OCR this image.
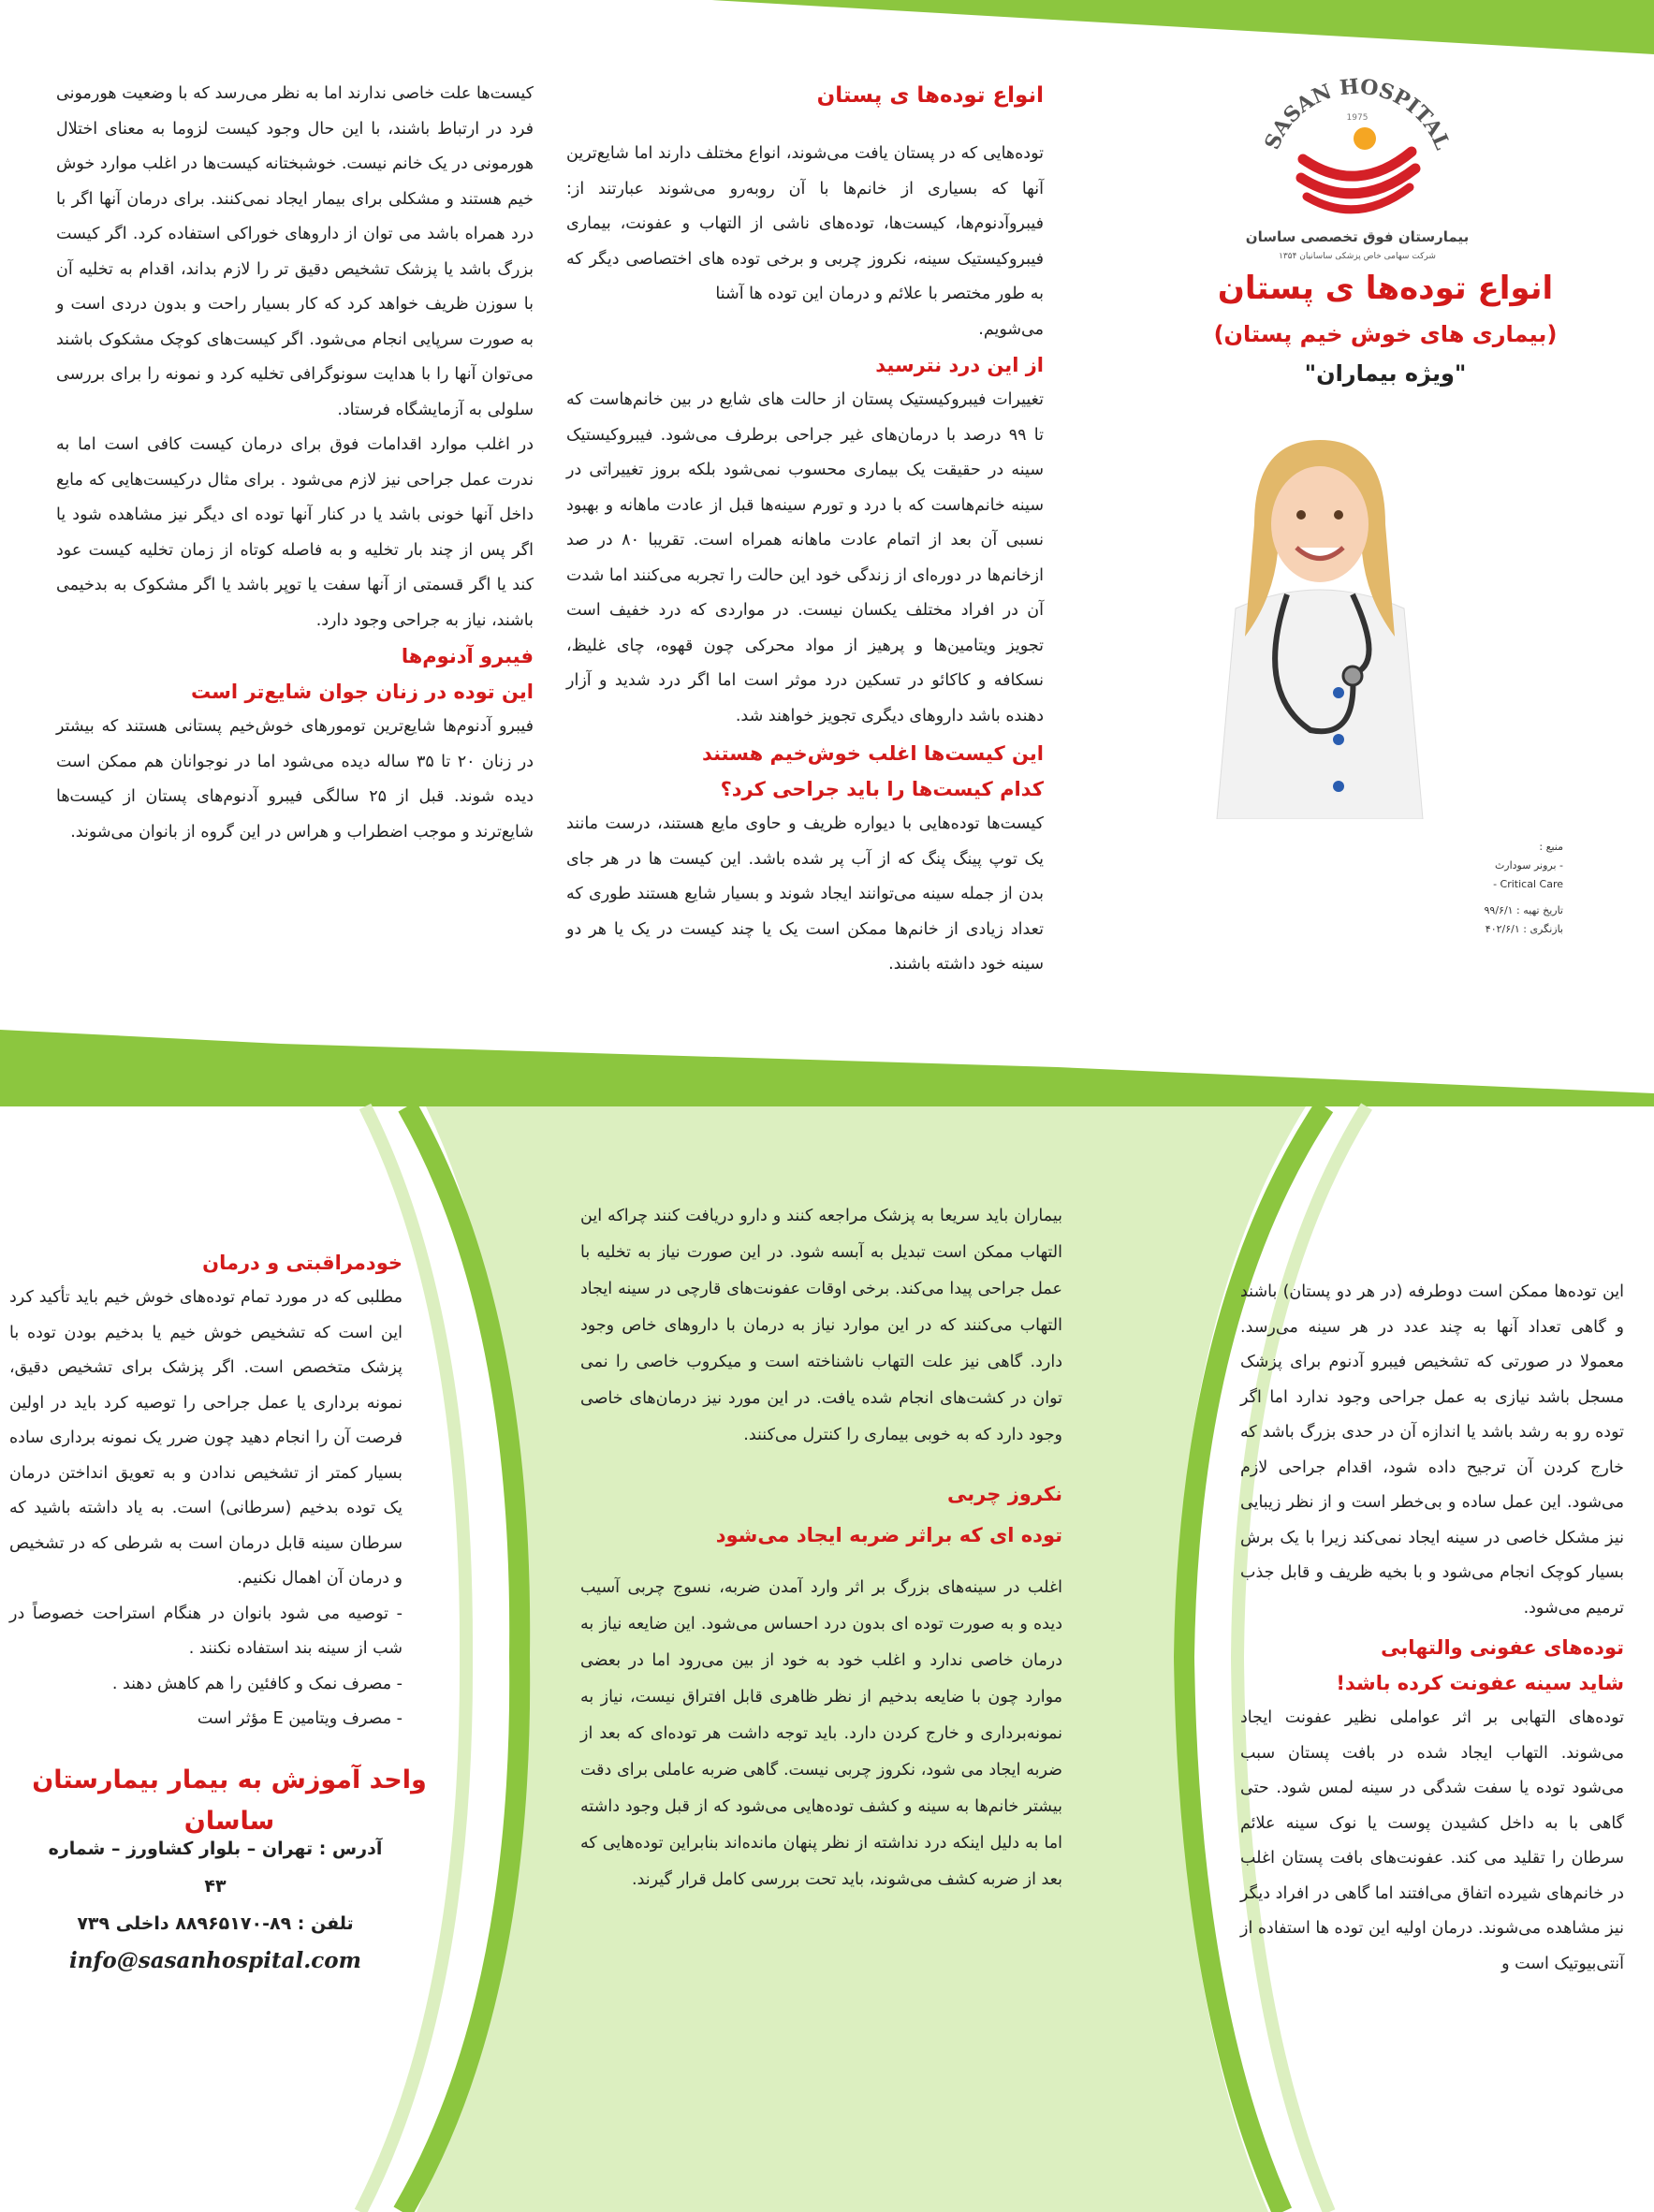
SASAN HOSPITAL
1975
بیمارستان فوق تخصصی ساسان
شرکت سهامی خاص پزشکی ساسانیان ۱۳۵۴
انواع توده‌ها ی پستان
(بیماری های خوش خیم پستان)
"ویژه بیماران"
منبع :
- برونر سودارث
Critical Care -
تاریخ تهیه : ۹۹/۶/۱
بازنگری : ۴۰۲/۶/۱
انواع توده‌ها ی پستان

توده‌هایی که در پستان یافت می‌شوند، انواع مختلف دارند اما شایع‌ترین آنها که بسیاری از خانم‌ها با آن روبه‌رو می‌شوند عبارتند از: فیبروآدنوم‌ها، کیست‌ها، توده‌های ناشی از التهاب و عفونت، بیماری فیبروکیستیک سینه، نکروز چربی و برخی توده های اختصاصی دیگر که به طور مختصر با علائم و درمان این توده ها آشنا

می‌شویم.

از این درد نترسید

تغییرات فیبروکیستیک پستان از حالت های شایع در بین خانم‌هاست که تا ۹۹ درصد با درمان‌های غیر جراحی برطرف می‌شود. فیبروکیستیک سینه در حقیقت یک بیماری محسوب نمی‌شود بلکه بروز تغییراتی در سینه خانم‌هاست که با درد و تورم سینه‌ها قبل از عادت ماهانه و بهبود نسبی آن بعد از اتمام عادت ماهانه همراه است. تقریبا ۸۰ در صد ازخانم‌ها در دوره‌ای از زندگی خود این حالت را تجربه می‌کنند اما شدت آن در افراد مختلف یکسان نیست. در مواردی که درد خفیف است تجویز ویتامین‌ها و پرهیز از مواد محرکی چون قهوه، چای غلیظ، نسکافه و کاکائو در تسکین درد موثر است اما اگر درد شدید و آزار دهنده باشد داروهای دیگری تجویز خواهند شد.

این کیست‌ها اغلب خوش‌خیم هستند
کدام کیست‌ها را باید جراحی کرد؟

کیست‌ها توده‌هایی با دیواره ظریف و حاوی مایع هستند، درست مانند یک توپ پینگ پنگ که از آب پر شده باشد. این کیست ها در هر جای بدن از جمله سینه می‌توانند ایجاد شوند و بسیار شایع هستند طوری که تعداد زیادی از خانم‌ها ممکن است یک یا چند کیست در یک یا هر دو سینه خود داشته باشند.

کیست‌ها علت خاصی ندارند اما به نظر می‌رسد که با وضعیت هورمونی فرد در ارتباط باشند، با این حال وجود کیست لزوما به معنای اختلال هورمونی در یک خانم نیست. خوشبختانه کیست‌ها در اغلب موارد خوش خیم هستند و مشکلی برای بیمار ایجاد نمی‌کنند. برای درمان آنها اگر با درد همراه باشد می توان از داروهای خوراکی استفاده کرد. اگر کیست بزرگ باشد یا پزشک تشخیص دقیق تر را لازم بداند، اقدام به تخلیه آن با سوزن ظریف خواهد کرد که کار بسیار راحت و بدون دردی است و به صورت سرپایی انجام می‌شود. اگر کیست‌های کوچک مشکوک باشند می‌توان آنها را با هدایت سونوگرافی تخلیه کرد و نمونه را برای بررسی سلولی به آزمایشگاه فرستاد.

در اغلب موارد اقدامات فوق برای درمان کیست کافی است اما به ندرت عمل جراحی نیز لازم می‌شود . برای مثال درکیست‌هایی که مایع داخل آنها خونی باشد یا در کنار آنها توده ای دیگر نیز مشاهده شود یا اگر پس از چند بار تخلیه و به فاصله کوتاه از زمان تخلیه کیست عود کند یا اگر قسمتی از آنها سفت یا توپر باشد یا اگر مشکوک به بدخیمی باشند، نیاز به جراحی وجود دارد.

فیبرو آدنوم‌ها
این توده در زنان جوان شایع‌تر است

فیبرو آدنوم‌ها شایع‌ترین تومورهای خوش‌خیم پستانی هستند که بیشتر در زنان ۲۰ تا ۳۵ ساله دیده می‌شود اما در نوجوانان هم ممکن است دیده شوند. قبل از ۲۵ سالگی فیبرو آدنوم‌های پستان از کیست‌ها شایع‌ترند و موجب اضطراب و هراس در این گروه از بانوان می‌شوند.

این توده‌ها ممکن است دوطرفه (در هر دو پستان) باشند و گاهی تعداد آنها به چند عدد در هر سینه می‌رسد. معمولا در صورتی که تشخیص فیبرو آدنوم برای پزشک مسجل باشد نیازی به عمل جراحی وجود ندارد اما اگر توده رو به رشد باشد یا اندازه آن در حدی بزرگ باشد که خارج کردن آن ترجیح داده شود، اقدام جراحی لازم می‌شود. این عمل ساده و بی‌خطر است و از نظر زیبایی نیز مشکل خاصی در سینه ایجاد نمی‌کند زیرا با یک برش بسیار کوچک انجام می‌شود و با بخیه ظریف و قابل جذب ترمیم می‌شود.

توده‌های عفونی والتهابی
شاید سینه عفونت کرده باشد!

توده‌های التهابی بر اثر عواملی نظیر عفونت ایجاد می‌شوند. التهاب ایجاد شده در بافت پستان سبب می‌شود توده یا سفت شدگی در سینه لمس شود. حتی گاهی با به داخل کشیدن پوست یا نوک سینه علائم سرطان را تقلید می کند. عفونت‌های بافت پستان اغلب در خانم‌های شیرده اتفاق می‌افتند اما گاهی در افراد دیگر نیز مشاهده می‌شوند. درمان اولیه این توده ها استفاده از آنتی‌بیوتیک است و

بیماران باید سریعا به پزشک مراجعه کنند و دارو دریافت کنند چراکه این التهاب ممکن است تبدیل به آبسه شود. در این صورت نیاز به تخلیه با عمل جراحی پیدا می‌کند. برخی اوقات عفونت‌های قارچی در سینه ایجاد التهاب می‌کنند که در این موارد نیاز به درمان با داروهای خاص وجود دارد. گاهی نیز علت التهاب ناشناخته است و میکروب خاصی را نمی توان در کشت‌های انجام شده یافت. در این مورد نیز درمان‌های خاصی وجود دارد که به خوبی بیماری را کنترل می‌کنند.

نکروز چربی
توده ای که براثر ضربه ایجاد می‌شود

اغلب در سینه‌های بزرگ بر اثر وارد آمدن ضربه، نسوج چربی آسیب دیده و به صورت توده ای بدون درد احساس می‌شود. این ضایعه نیاز به درمان خاصی ندارد و اغلب خود به خود از بین می‌رود اما در بعضی موارد چون با ضایعه بدخیم از نظر ظاهری قابل افتراق نیست، نیاز به نمونه‌برداری و خارج کردن دارد. باید توجه داشت هر توده‌ای که بعد از ضربه ایجاد می شود، نکروز چربی نیست. گاهی ضربه عاملی برای دقت بیشتر خانم‌ها به سینه و کشف توده‌هایی می‌شود که از قبل وجود داشته اما به دلیل اینکه درد نداشته از نظر پنهان مانده‌اند بنابراین توده‌هایی که بعد از ضربه کشف می‌شوند، باید تحت بررسی کامل قرار گیرند.

خودمراقبتی و درمان

مطلبی که در مورد تمام توده‌های خوش خیم باید تأکید کرد این است که تشخیص خوش خیم یا بدخیم بودن توده با پزشک متخصص است. اگر پزشک برای تشخیص دقیق، نمونه برداری یا عمل جراحی را توصیه کرد باید در اولین فرصت آن را انجام دهید چون ضرر یک نمونه برداری ساده بسیار کمتر از تشخیص ندادن و به تعویق انداختن درمان یک توده بدخیم (سرطانی) است. به یاد داشته باشید که سرطان سینه قابل درمان است به شرطی که در تشخیص و درمان آن اهمال نکنیم.

- توصیه می شود بانوان در هنگام استراحت خصوصاً در شب از سینه بند استفاده نکنند .

- مصرف نمک و کافئین را هم کاهش دهند .

- مصرف ویتامین E مؤثر است

واحد آموزش به بیمار بیمارستان ساسان
آدرس : تهران – بلوار کشاورز – شماره ۴۳
تلفن : ۸۹-۸۸۹۶۵۱۷۰ داخلی ۷۳۹
info@sasanhospital.com
